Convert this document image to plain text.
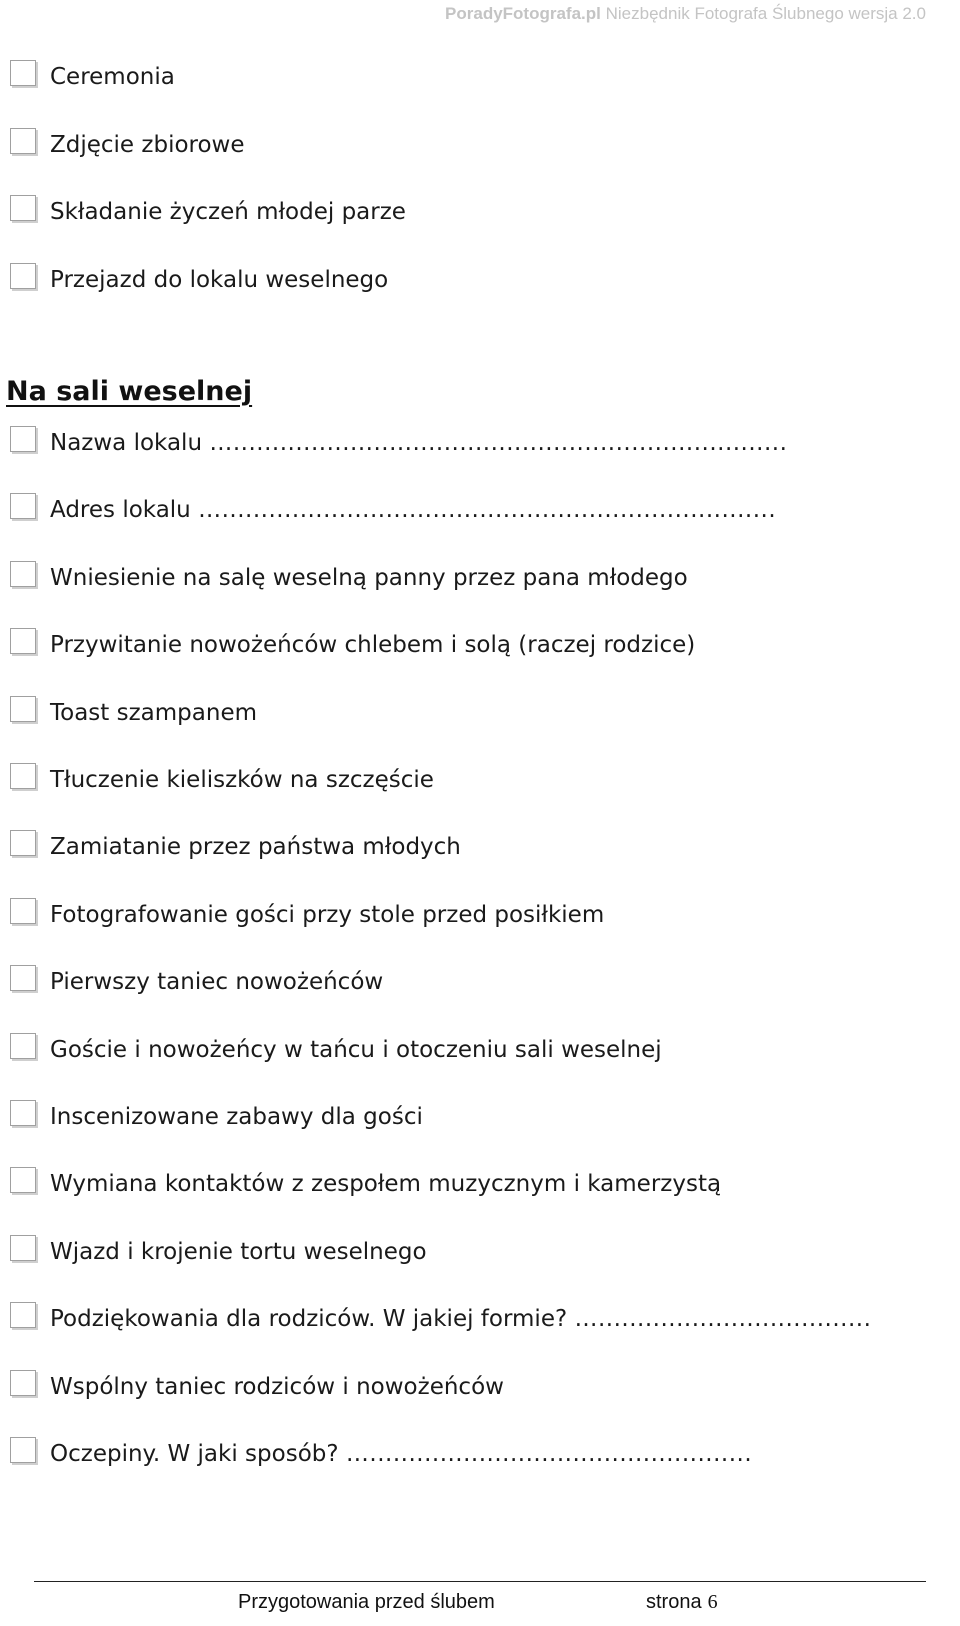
PoradyFotografa.pl Niezbędnik Fotografa Ślubnego wersja 2.0
Ceremonia
Zdjęcie zbiorowe
Składanie życzeń młodej parze
Przejazd do lokalu weselnego
Na sali weselnej
Nazwa lokalu ….......................................................................
Adres lokalu ….......................................................................
Wniesienie na salę weselną panny przez pana młodego
Przywitanie nowożeńców chlebem i solą (raczej rodzice)
Toast szampanem
Tłuczenie kieliszków na szczęście
Zamiatanie przez państwa młodych
Fotografowanie gości przy stole przed posiłkiem
Pierwszy taniec nowożeńców
Goście i nowożeńcy w tańcu i otoczeniu sali weselnej
Inscenizowane zabawy dla gości
Wymiana kontaktów z zespołem muzycznym i kamerzystą
Wjazd i krojenie tortu weselnego
Podziękowania dla rodziców. W jakiej formie? …...................................
Wspólny taniec rodziców i nowożeńców
Oczepiny. W jaki sposób? ….................................................
Przygotowania przed ślubem	strona 6
